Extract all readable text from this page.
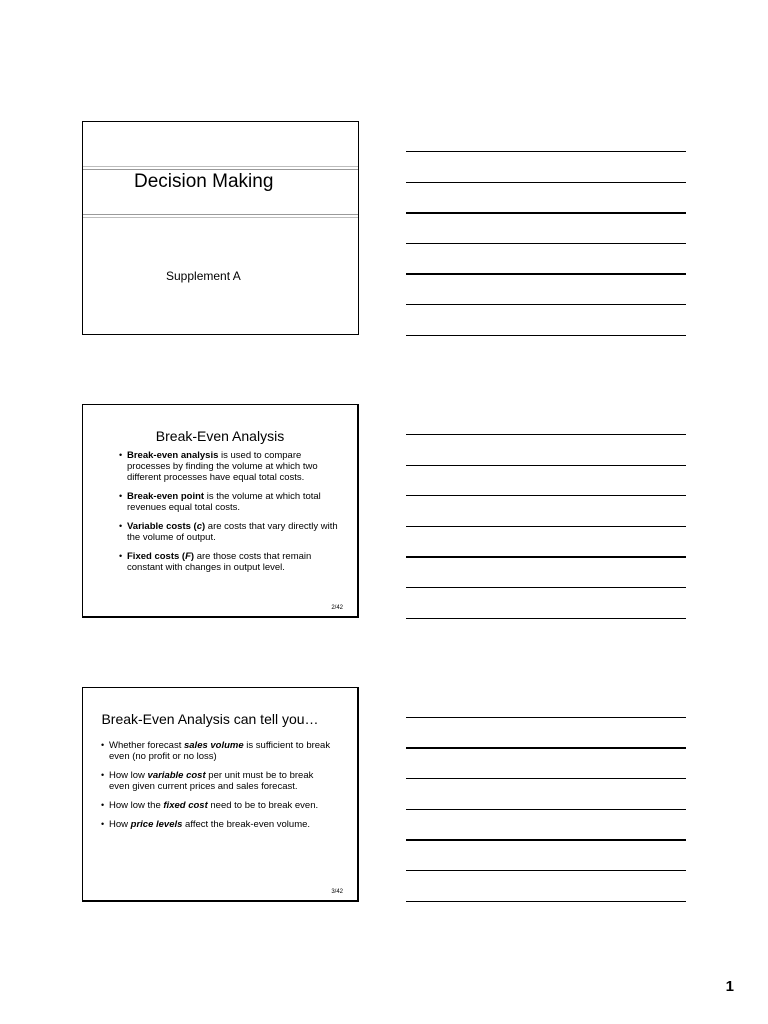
Decision Making
Supplement A
Break-Even Analysis
• Break-even analysis is used to compare processes by finding the volume at which two different processes have equal total costs.
• Break-even point is the volume at which total revenues equal total costs.
• Variable costs (c) are costs that vary directly with the volume of output.
• Fixed costs (F) are those costs that remain constant with changes in output level.
2/42
Break-Even Analysis can tell you…
• Whether forecast sales volume is sufficient to break even (no profit or no loss)
• How low variable cost per unit must be to break even given current prices and sales forecast.
• How low the fixed cost need to be to break even.
• How price levels affect the break-even volume.
3/42
1
